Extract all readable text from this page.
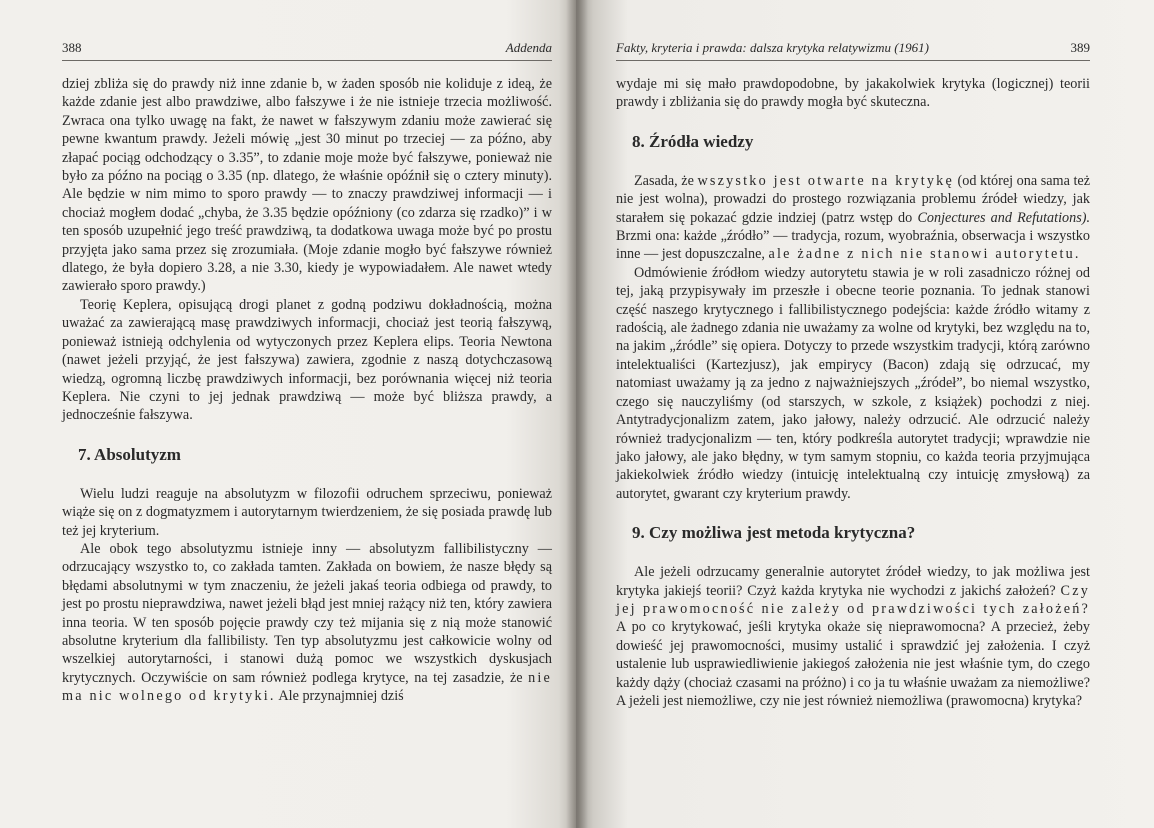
388	Addenda

dziej zbliża się do prawdy niż inne zdanie b, w żaden sposób nie koliduje z ideą, że każde zdanie jest albo prawdziwe, albo fałszywe i że nie istnieje trzecia możliwość. Zwraca ona tylko uwagę na fakt, że nawet w fałszywym zdaniu może zawierać się pewne kwantum prawdy. Jeżeli mówię „jest 30 minut po trzeciej — za późno, aby złapać pociąg odchodzący o 3.35”, to zdanie moje może być fałszywe, ponieważ nie było za późno na pociąg o 3.35 (np. dlatego, że właśnie opóźnił się o cztery minuty). Ale będzie w nim mimo to sporo prawdy — to znaczy prawdziwej informacji — i chociaż mogłem dodać „chyba, że 3.35 będzie opóźniony (co zdarza się rzadko)” i w ten sposób uzupełnić jego treść prawdziwą, ta dodatkowa uwaga może być po prostu przyjęta jako sama przez się zrozumiała. (Moje zdanie mogło być fałszywe również dlatego, że była dopiero 3.28, a nie 3.30, kiedy je wypowiadałem. Ale nawet wtedy zawierało sporo prawdy.)

Teorię Keplera, opisującą drogi planet z godną podziwu dokładnością, można uważać za zawierającą masę prawdziwych informacji, chociaż jest teorią fałszywą, ponieważ istnieją odchylenia od wytyczonych przez Keplera elips. Teoria Newtona (nawet jeżeli przyjąć, że jest fałszywa) zawiera, zgodnie z naszą dotychczasową wiedzą, ogromną liczbę prawdziwych informacji, bez porównania więcej niż teoria Keplera. Nie czyni to jej jednak prawdziwą — może być bliższa prawdy, a jednocześnie fałszywa.

7. Absolutyzm

Wielu ludzi reaguje na absolutyzm w filozofii odruchem sprzeciwu, ponieważ wiąże się on z dogmatyzmem i autorytarnym twierdzeniem, że się posiada prawdę lub też jej kryterium.

Ale obok tego absolutyzmu istnieje inny — absolutyzm fallibilistyczny — odrzucający wszystko to, co zakłada tamten. Zakłada on bowiem, że nasze błędy są błędami absolutnymi w tym znaczeniu, że jeżeli jakaś teoria odbiega od prawdy, to jest po prostu nieprawdziwa, nawet jeżeli błąd jest mniej rażący niż ten, który zawiera inna teoria. W ten sposób pojęcie prawdy czy też mijania się z nią może stanowić absolutne kryterium dla fallibilisty. Ten typ absolutyzmu jest całkowicie wolny od wszelkiej autorytarności, i stanowi dużą pomoc we wszystkich dyskusjach krytycznych. Oczywiście on sam również podlega krytyce, na tej zasadzie, że nie ma nic wolnego od krytyki. Ale przynajmniej dziś

Fakty, kryteria i prawda: dalsza krytyka relatywizmu (1961)	389

wydaje mi się mało prawdopodobne, by jakakolwiek krytyka (logicznej) teorii prawdy i zbliżania się do prawdy mogła być skuteczna.

8. Źródła wiedzy

Zasada, że wszystko jest otwarte na krytykę (od której ona sama też nie jest wolna), prowadzi do prostego rozwiązania problemu źródeł wiedzy, jak starałem się pokazać gdzie indziej (patrz wstęp do Conjectures and Refutations). Brzmi ona: każde „źródło” — tradycja, rozum, wyobraźnia, obserwacja i wszystko inne — jest dopuszczalne, ale żadne z nich nie stanowi autorytetu.

Odmówienie źródłom wiedzy autorytetu stawia je w roli zasadniczo różnej od tej, jaką przypisywały im przeszłe i obecne teorie poznania. To jednak stanowi część naszego krytycznego i fallibilistycznego podejścia: każde źródło witamy z radością, ale żadnego zdania nie uważamy za wolne od krytyki, bez względu na to, na jakim „źródle” się opiera. Dotyczy to przede wszystkim tradycji, którą zarówno intelektualiści (Kartezjusz), jak empirycy (Bacon) zdają się odrzucać, my natomiast uważamy ją za jedno z najważniejszych „źródeł”, bo niemal wszystko, czego się nauczyliśmy (od starszych, w szkole, z książek) pochodzi z niej. Antytradycjonalizm zatem, jako jałowy, należy odrzucić. Ale odrzucić należy również tradycjonalizm — ten, który podkreśla autorytet tradycji; wprawdzie nie jako jałowy, ale jako błędny, w tym samym stopniu, co każda teoria przyjmująca jakiekolwiek źródło wiedzy (intuicję intelektualną czy intuicję zmysłową) za autorytet, gwarant czy kryterium prawdy.

9. Czy możliwa jest metoda krytyczna?

Ale jeżeli odrzucamy generalnie autorytet źródeł wiedzy, to jak możliwa jest krytyka jakiejś teorii? Czyż każda krytyka nie wychodzi z jakichś założeń? Czy jej prawomocność nie zależy od prawdziwości tych założeń? A po co krytykować, jeśli krytyka okaże się nieprawomocna? A przecież, żeby dowieść jej prawomocności, musimy ustalić i sprawdzić jej założenia. I czyż ustalenie lub usprawiedliwienie jakiegoś założenia nie jest właśnie tym, do czego każdy dąży (chociaż czasami na próżno) i co ja tu właśnie uważam za niemożliwe? A jeżeli jest niemożliwe, czy nie jest również niemożliwa (prawomocna) krytyka?
